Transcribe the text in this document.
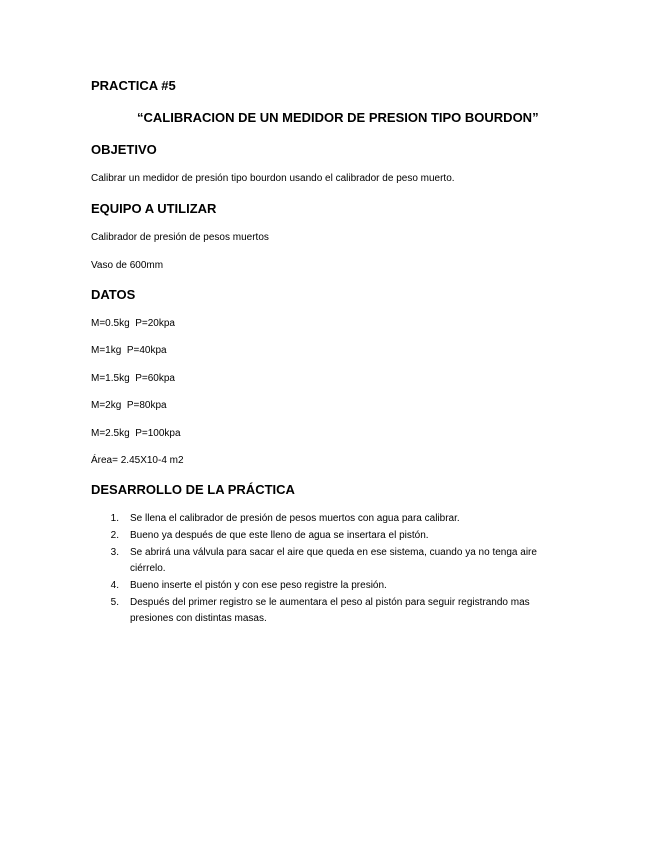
PRACTICA #5
“CALIBRACION DE UN MEDIDOR DE PRESION TIPO BOURDON”
OBJETIVO
Calibrar un medidor de presión tipo bourdon usando el calibrador de peso muerto.
EQUIPO A UTILIZAR
Calibrador de presión de pesos muertos
Vaso de 600mm
DATOS
M=0.5kg  P=20kpa
M=1kg  P=40kpa
M=1.5kg  P=60kpa
M=2kg  P=80kpa
M=2.5kg  P=100kpa
Área= 2.45X10-4 m2
DESARROLLO DE LA PRÁCTICA
1. Se llena el calibrador de presión de pesos muertos con agua para calibrar.
2. Bueno ya después de que este lleno de agua se insertara el pistón.
3. Se abrirá una válvula para sacar el aire que queda en ese sistema, cuando ya no tenga aire ciérrelo.
4. Bueno inserte el pistón y con ese peso registre la presión.
5. Después del primer registro se le aumentara el peso al pistón para seguir registrando mas presiones con distintas masas.
